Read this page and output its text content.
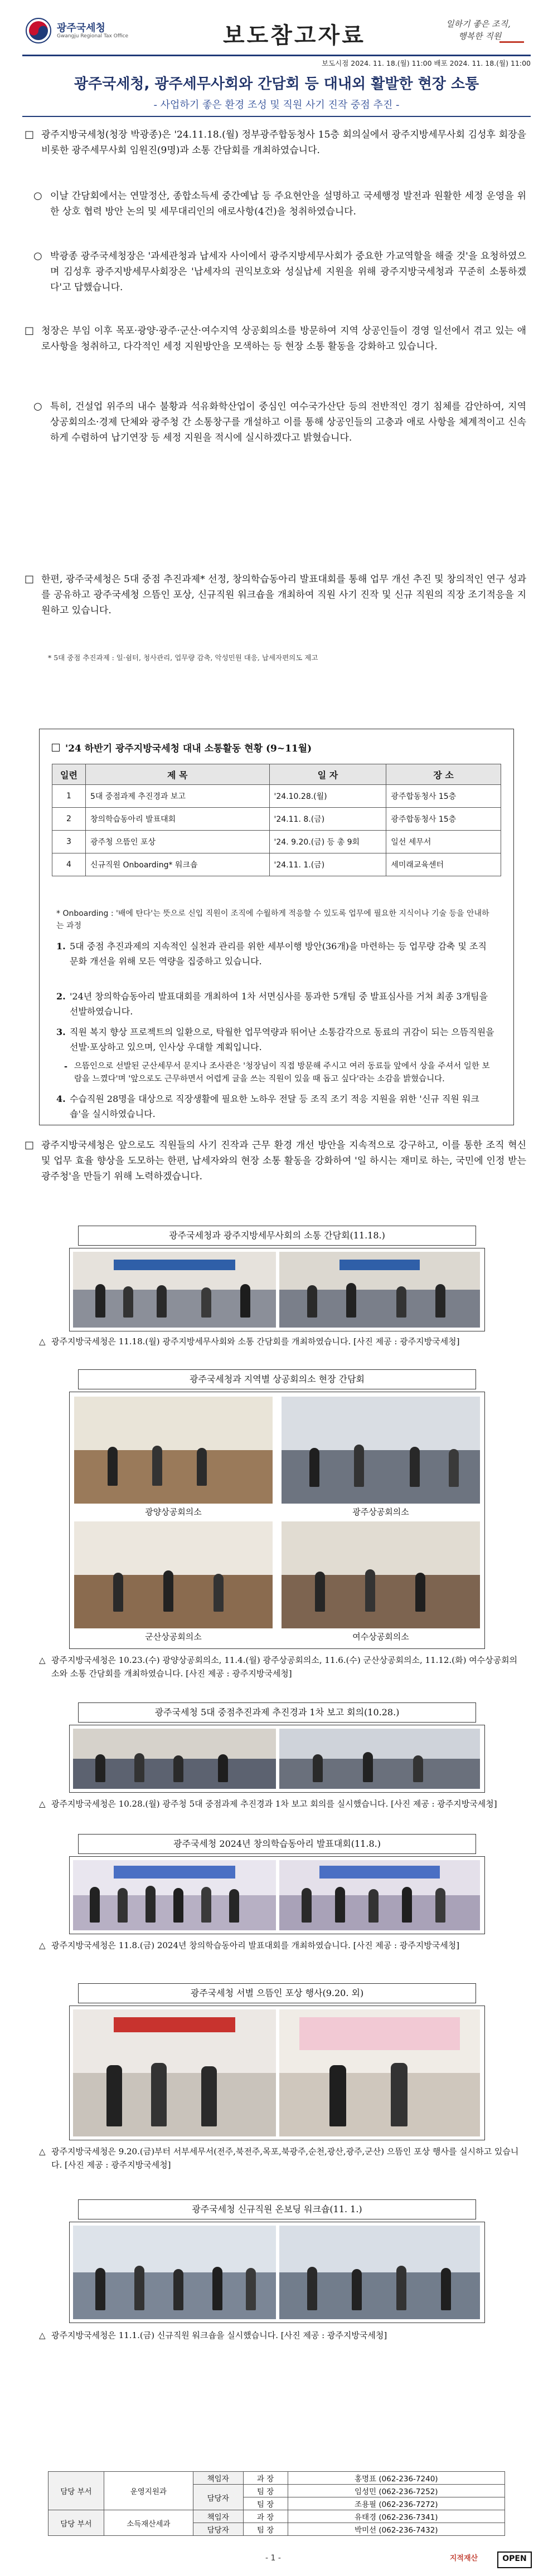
광주국세청
Gwangju Regional Tax Office	보도참고자료	일하기 좋은 조직,
행복한 직원
보도시점 2024. 11. 18.(월) 11:00 배포 2024. 11. 18.(월) 11:00
광주국세청, 광주세무사회와 간담회 등 대내외 활발한 현장 소통
- 사업하기 좋은 환경 조성 및 직원 사기 진작 중점 추진 -
□ 광주지방국세청(청장 박광종)은 '24.11.18.(월) 정부광주합동청사 15층 회의실에서 광주지방세무사회 김성후 회장을 비롯한 광주세무사회 임원진(9명)과 소통 간담회를 개최하였습니다.
○ 이날 간담회에서는 연말정산, 종합소득세 중간예납 등 주요현안을 설명하고 국세행정 발전과 원활한 세정 운영을 위한 상호 협력 방안 논의 및 세무대리인의 애로사항(4건)을 청취하였습니다.
○ 박광종 광주국세청장은 '과세관청과 납세자 사이에서 광주지방세무사회가 중요한 가교역할을 해줄 것'을 요청하였으며 김성후 광주지방세무사회장은 '납세자의 권익보호와 성실납세 지원을 위해 광주지방국세청과 꾸준히 소통하겠다'고 답했습니다.
□ 청장은 부임 이후 목포·광양·광주·군산·여수지역 상공회의소를 방문하여 지역 상공인들이 경영 일선에서 겪고 있는 애로사항을 청취하고, 다각적인 세정 지원방안을 모색하는 등 현장 소통 활동을 강화하고 있습니다.
○ 특히, 건설업 위주의 내수 불황과 석유화학산업이 중심인 여수국가산단 등의 전반적인 경기 침체를 감안하여, 지역 상공회의소·경제 단체와 광주청 간 소통창구를 개설하고 이를 통해 상공인들의 고충과 애로 사항을 체계적이고 신속하게 수렴하여 납기연장 등 세정 지원을 적시에 실시하겠다고 밝혔습니다.
□ 한편, 광주국세청은 5대 중점 추진과제* 선정, 창의학습동아리 발표대회를 통해 업무 개선 추진 및 창의적인 연구 성과를 공유하고 광주국세청 으뜸인 포상, 신규직원 워크숍을 개최하여 직원 사기 진작 및 신규 직원의 직장 조기적응을 지원하고 있습니다.
* 5대 중점 추진과제 : 일·쉼터, 청사관리, 업무량 감축, 악성민원 대응, 납세자편의도 제고
'24 하반기 광주지방국세청 대내 소통활동 현황 (9~11월)
일련	제 목	일 자	장 소
1	5대 중점과제 추진경과 보고	'24.10.28.(월)	광주합동청사 15층
2	창의학습동아리 발표대회	'24.11. 8.(금)	광주합동청사 15층
3	광주청 으뜸인 포상	'24. 9.20.(금) 등 총 9회	일선 세무서
4	신규직원 Onboarding* 워크숍	'24.11. 1.(금)	세미래교육센터
* Onboarding : '배에 탄다'는 뜻으로 신입 직원이 조직에 수월하게 적응할 수 있도록 업무에 필요한 지식이나 기술 등을 안내하는 과정
1. 5대 중점 추진과제의 지속적인 실천과 관리를 위한 세부이행 방안(36개)을 마련하는 등 업무량 감축 및 조직 문화 개선을 위해 모든 역량을 집중하고 있습니다.
2. '24년 창의학습동아리 발표대회를 개최하여 1차 서면심사를 통과한 5개팀 중 발표심사를 거쳐 최종 3개팀을 선발하였습니다.
3. 직원 복지 향상 프로젝트의 일환으로, 탁월한 업무역량과 뛰어난 소통감각으로 동료의 귀감이 되는 으뜸직원을 선발·포상하고 있으며, 인사상 우대할 계획입니다.
- 으뜸인으로 선발된 군산세무서 문지나 조사관은 '청장님이 직접 방문해 주시고 여러 동료들 앞에서 상을 주셔서 일한 보람을 느꼈다'며 '앞으로도 근무하면서 어렵게 글을 쓰는 직원이 있을 때 돕고 싶다'라는 소감을 밝혔습니다.
4. 수습직원 28명을 대상으로 직장생활에 필요한 노하우 전달 등 조직 조기 적응 지원을 위한 '신규 직원 워크숍'을 실시하였습니다.
□ 광주지방국세청은 앞으로도 직원들의 사기 진작과 근무 환경 개선 방안을 지속적으로 강구하고, 이를 통한 조직 혁신 및 업무 효율 향상을 도모하는 한편, 납세자와의 현장 소통 활동을 강화하여 '일 하시는 재미로 하는, 국민에 인정 받는 광주청'을 만들기 위해 노력하겠습니다.
광주국세청과 광주지방세무사회의 소통 간담회(11.18.)
△ 광주지방국세청은 11.18.(월) 광주지방세무사회와 소통 간담회를 개최하였습니다. [사진 제공 : 광주지방국세청]
광주국세청과 지역별 상공회의소 현장 간담회
광양상공회의소	광주상공회의소
군산상공회의소	여수상공회의소
△ 광주지방국세청은 10.23.(수) 광양상공회의소, 11.4.(월) 광주상공회의소, 11.6.(수) 군산상공회의소, 11.12.(화) 여수상공회의소와 소통 간담회를 개최하였습니다. [사진 제공 : 광주지방국세청]
광주국세청 5대 중점추진과제 추진경과 1차 보고 회의(10.28.)
△ 광주지방국세청은 10.28.(월) 광주청 5대 중점과제 추진경과 1차 보고 회의를 실시했습니다. [사진 제공 : 광주지방국세청]
광주국세청 2024년 창의학습동아리 발표대회(11.8.)
△ 광주지방국세청은 11.8.(금) 2024년 창의학습동아리 발표대회를 개최하였습니다. [사진 제공 : 광주지방국세청]
광주국세청 서별 으뜸인 포상 행사(9.20. 외)
△ 광주지방국세청은 9.20.(금)부터 서부세무서(전주,북전주,목포,북광주,순천,광산,광주,군산) 으뜸인 포상 행사를 실시하고 있습니다. [사진 제공 : 광주지방국세청]
광주국세청 신규직원 온보딩 워크숍(11. 1.)
△ 광주지방국세청은 11.1.(금) 신규직원 워크숍을 실시했습니다. [사진 제공 : 광주지방국세청]
담당 부서	운영지원과	책임자	과 장	홍명표 (062-236-7240)
		담당자	팀 장	임성민 (062-236-7252)
			팀 장	조용필 (062-236-7272)
담당 부서	소득재산세과	책임자	과 장	유태경 (062-236-7341)
		담당자	팀 장	박미선 (062-236-7432)
- 1 -	지적재산	OPEN
